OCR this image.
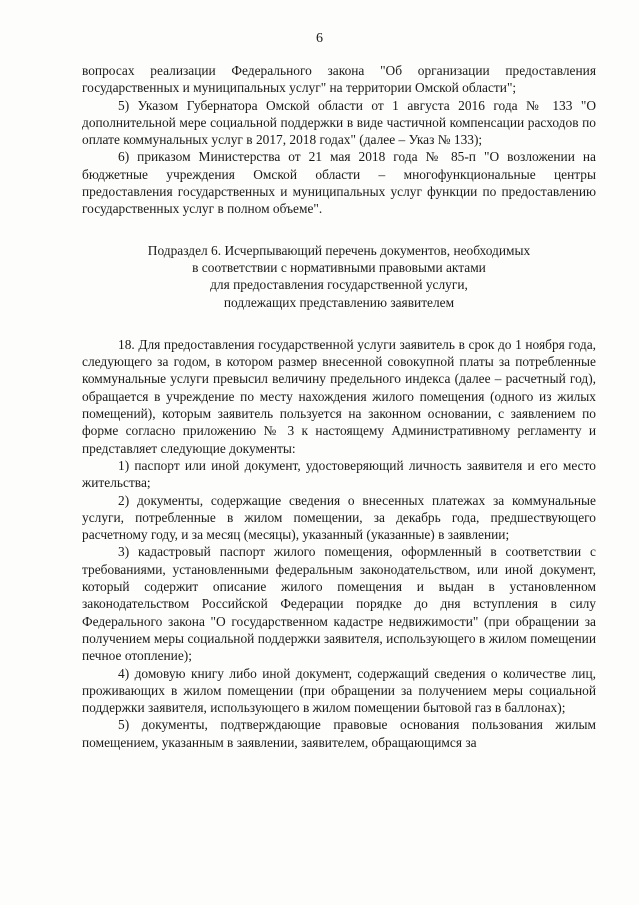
6

вопросах реализации Федерального закона "Об организации предоставления государственных и муниципальных услуг" на территории Омской области";

5) Указом Губернатора Омской области от 1 августа 2016 года № 133 "О дополнительной мере социальной поддержки в виде частичной компенсации расходов по оплате коммунальных услуг в 2017, 2018 годах" (далее – Указ № 133);

6) приказом Министерства от 21 мая 2018 года № 85-п "О возложении на бюджетные учреждения Омской области – многофункциональные центры предоставления государственных и муниципальных услуг функции по предоставлению государственных услуг в полном объеме".

Подраздел 6. Исчерпывающий перечень документов, необходимых
в соответствии с нормативными правовыми актами
для предоставления государственной услуги,
подлежащих представлению заявителем

18. Для предоставления государственной услуги заявитель в срок до 1 ноября года, следующего за годом, в котором размер внесенной совокупной платы за потребленные коммунальные услуги превысил величину предельного индекса (далее – расчетный год), обращается в учреждение по месту нахождения жилого помещения (одного из жилых помещений), которым заявитель пользуется на законном основании, с заявлением по форме согласно приложению № 3 к настоящему Административному регламенту и представляет следующие документы:

1) паспорт или иной документ, удостоверяющий личность заявителя и его место жительства;

2) документы, содержащие сведения о внесенных платежах за коммунальные услуги, потребленные в жилом помещении, за декабрь года, предшествующего расчетному году, и за месяц (месяцы), указанный (указанные) в заявлении;

3) кадастровый паспорт жилого помещения, оформленный в соответствии с требованиями, установленными федеральным законодательством, или иной документ, который содержит описание жилого помещения и выдан в установленном законодательством Российской Федерации порядке до дня вступления в силу Федерального закона "О государственном кадастре недвижимости" (при обращении за получением меры социальной поддержки заявителя, использующего в жилом помещении печное отопление);

4) домовую книгу либо иной документ, содержащий сведения о количестве лиц, проживающих в жилом помещении (при обращении за получением меры социальной поддержки заявителя, использующего в жилом помещении бытовой газ в баллонах);

5) документы, подтверждающие правовые основания пользования жилым помещением, указанным в заявлении, заявителем, обращающимся за
